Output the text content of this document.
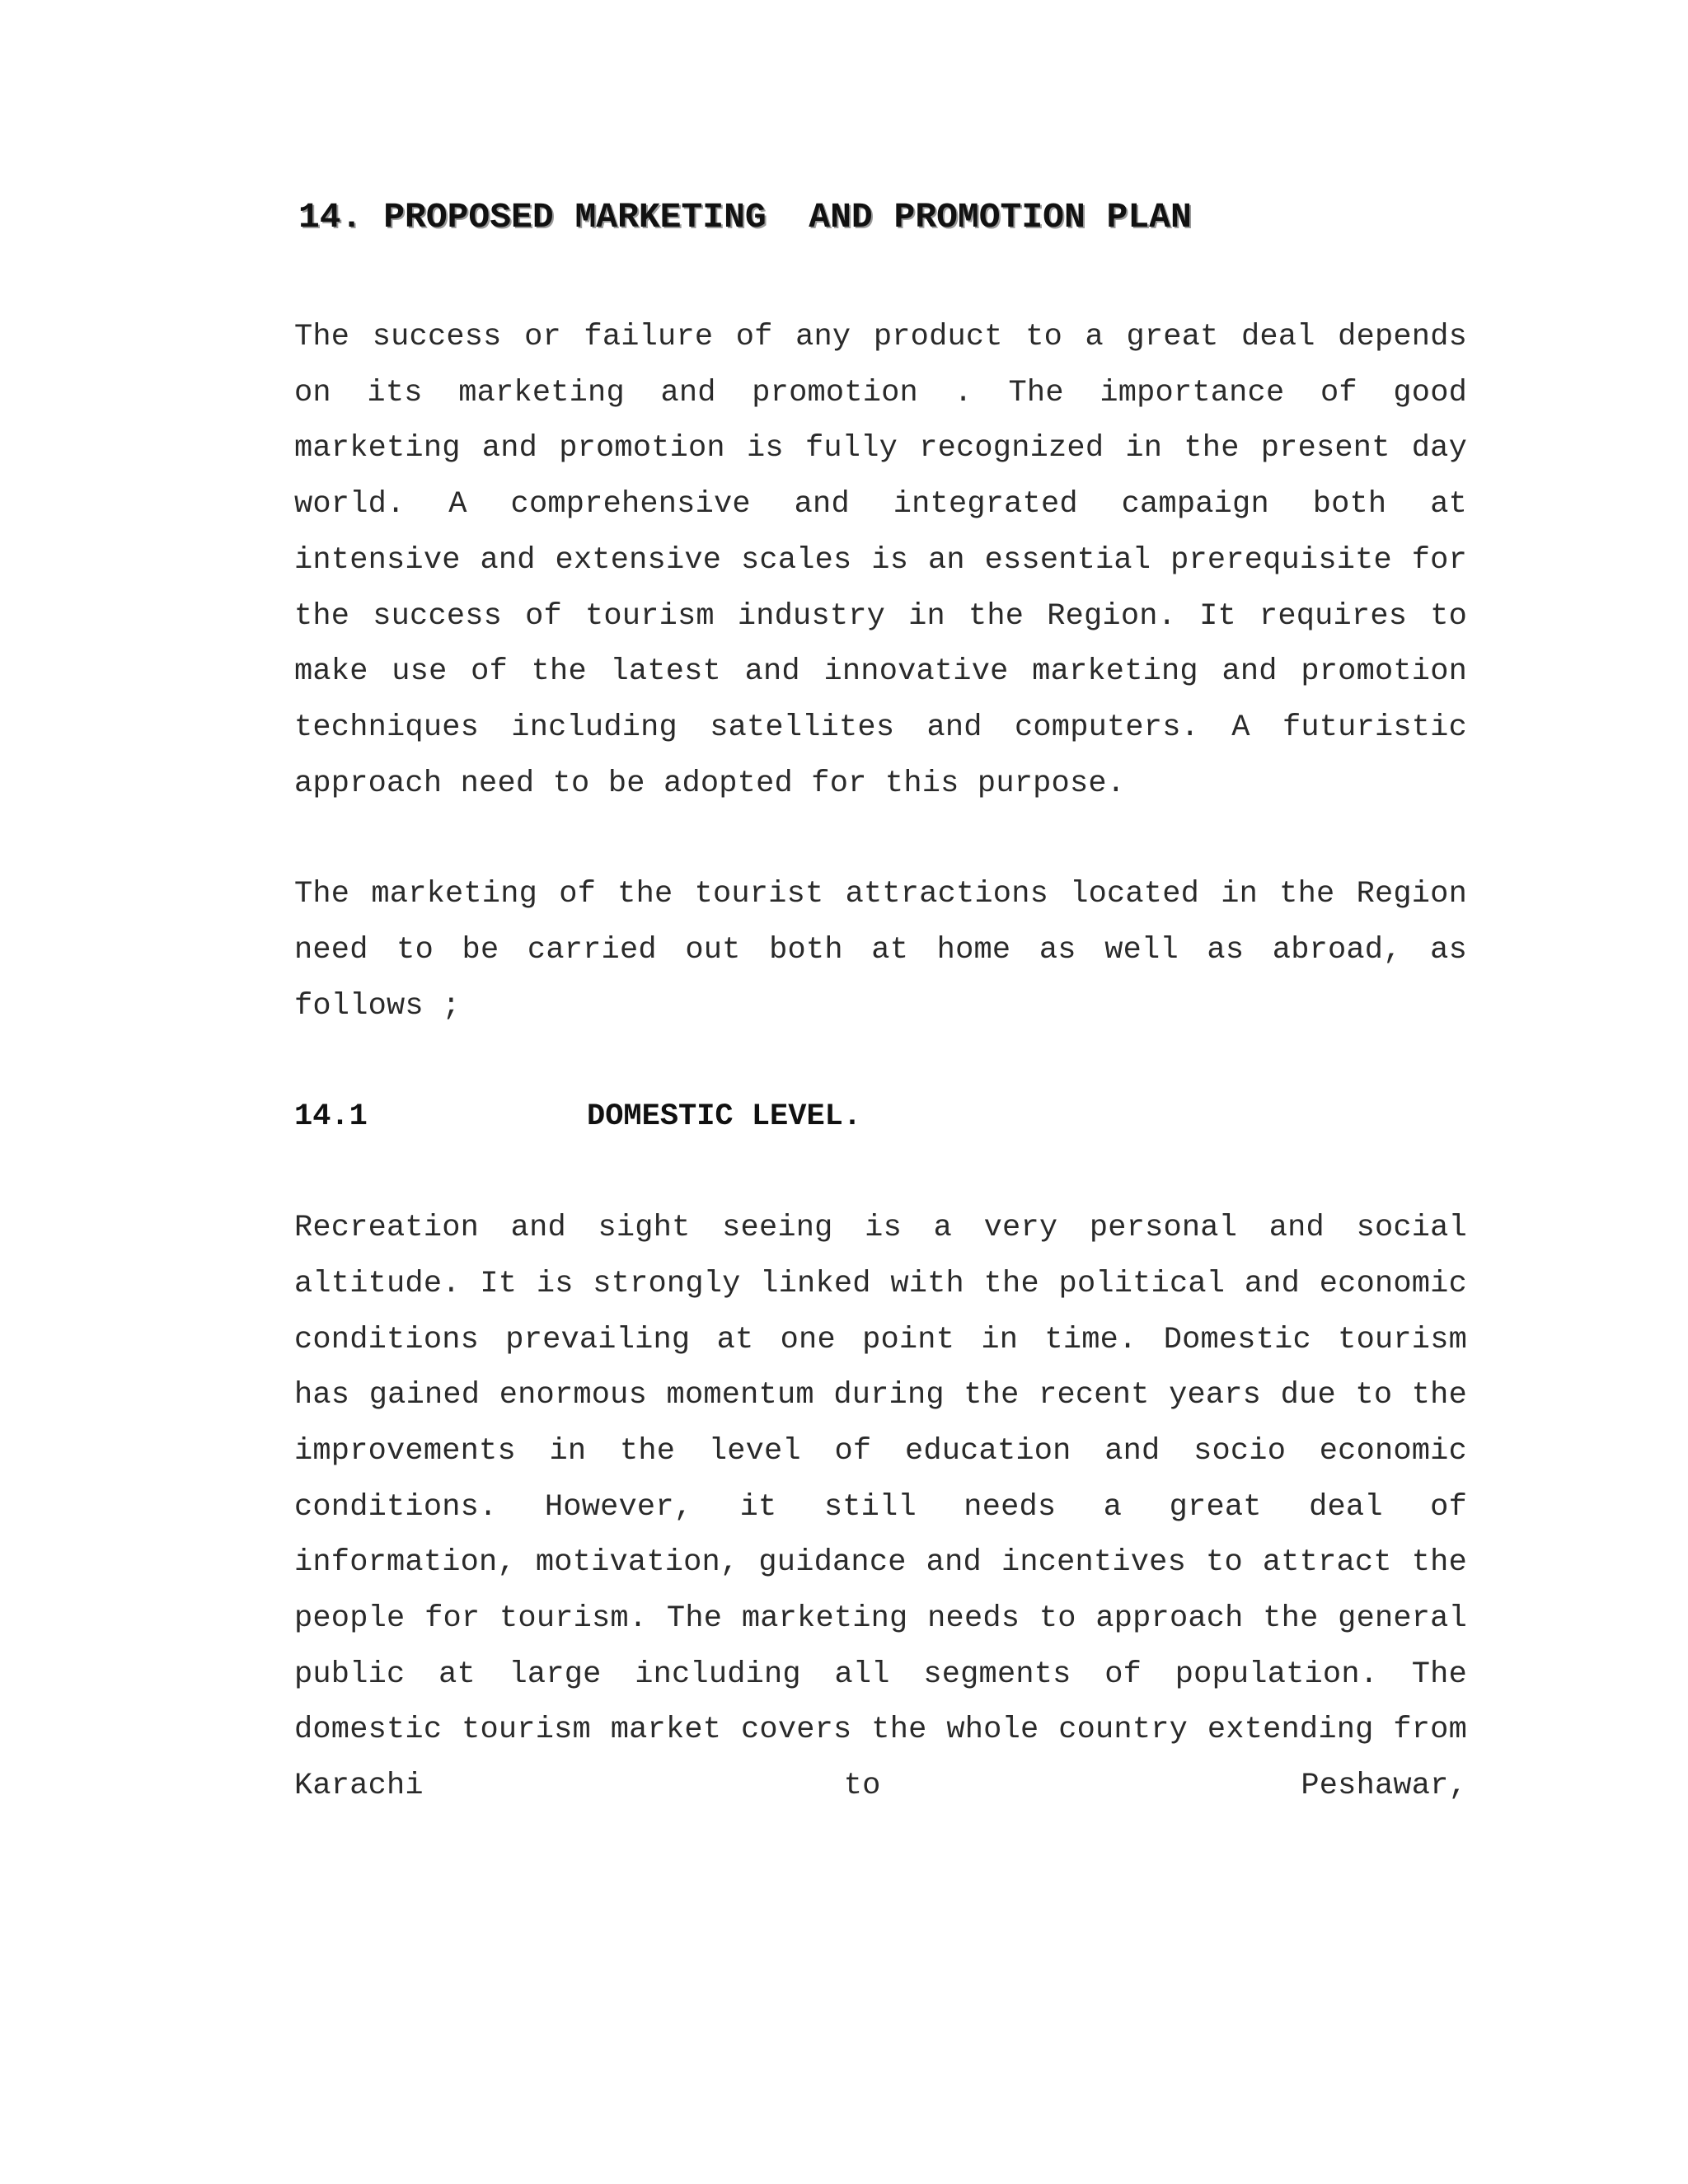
14. PROPOSED MARKETING  AND PROMOTION PLAN

The success or failure of any product to a great deal depends on its marketing and promotion . The importance of good marketing and promotion is fully recognized in the present day world. A comprehensive and integrated campaign both at intensive and extensive scales is an essential prerequisite for the success of tourism industry in the Region. It requires to make use of the latest and innovative marketing and promotion techniques including satellites and computers. A futuristic approach need to be adopted for this purpose.

The marketing of the tourist attractions located in the Region need to be carried out both at home as well as abroad, as follows ;

14.1	DOMESTIC LEVEL.

Recreation and sight seeing is a very personal and social altitude. It is strongly linked with the political and economic conditions prevailing at one point in time. Domestic tourism has gained enormous momentum during the recent years due to the improvements in the level of education and socio economic conditions. However, it still needs a great deal of information, motivation, guidance and incentives to attract the people for tourism. The marketing needs to approach the general public at large including all segments of population. The domestic tourism market covers the whole country extending from Karachi to Peshawar,
